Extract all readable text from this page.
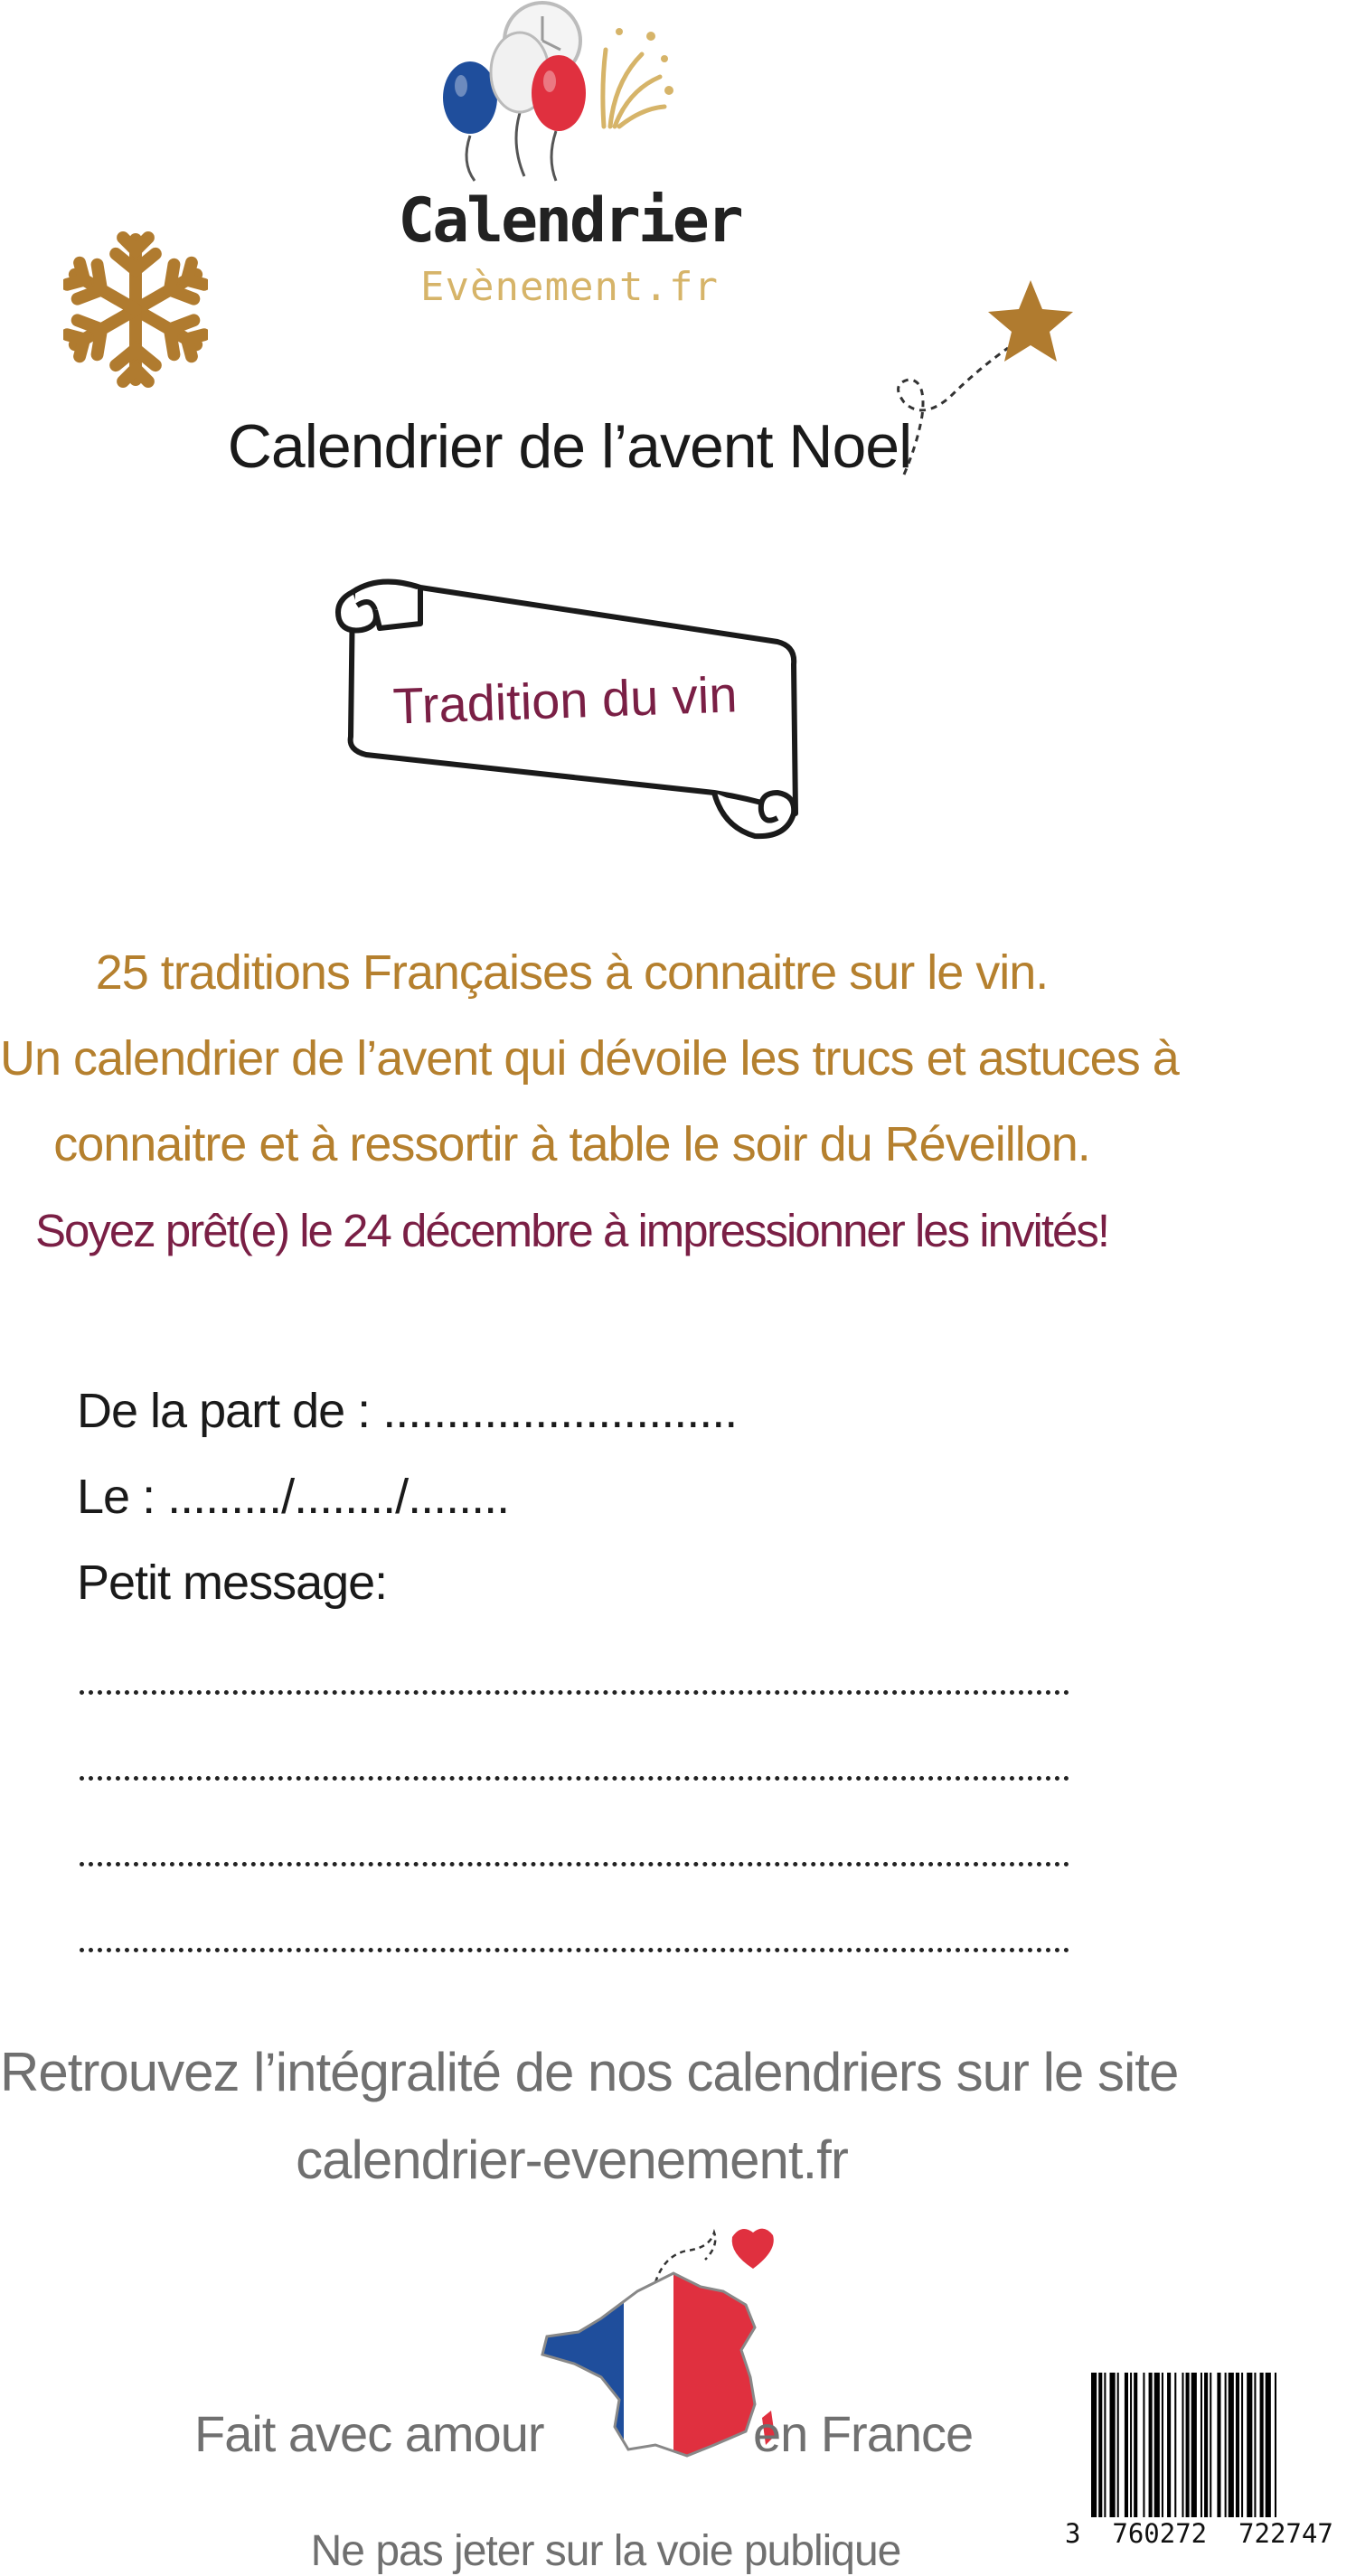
Calendrier
Evènement.fr
Calendrier de l’avent Noel
Tradition du vin
25 traditions Françaises à connaitre sur le vin.
Un calendrier de l’avent qui dévoile les trucs et astuces à
connaitre et à ressortir à table le soir du Réveillon.
Soyez prêt(e) le 24 décembre à impressionner les invités!
De la part de : ............................
Le : ........./......../........
Petit message:
Retrouvez l’intégralité de nos calendriers sur le site
calendrier-evenement.fr
Fait avec amour	en France
Ne pas jeter sur la voie publique	3  760272  722747
